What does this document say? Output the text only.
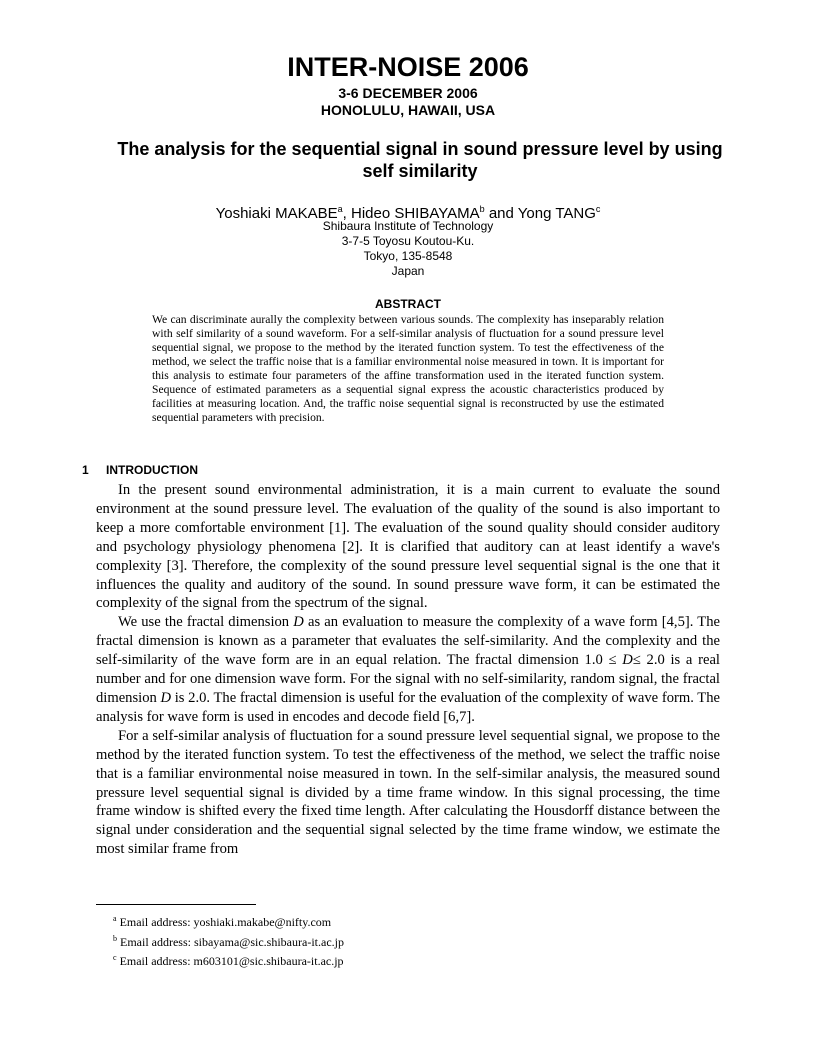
INTER-NOISE 2006
3-6 DECEMBER 2006
HONOLULU, HAWAII, USA
The analysis for the sequential signal in sound pressure level by using self similarity
Yoshiaki MAKABE$^a$, Hideo SHIBAYAMA$^b$ and Yong TANG$^c$
Shibaura Institute of Technology
3-7-5 Toyosu Koutou-Ku.
Tokyo, 135-8548
Japan
ABSTRACT

We can discriminate aurally the complexity between various sounds. The complexity has inseparably relation with self similarity of a sound waveform. For a self-similar analysis of fluctuation for a sound pressure level sequential signal, we propose to the method by the iterated function system. To test the effectiveness of the method, we select the traffic noise that is a familiar environmental noise measured in town. It is important for this analysis to estimate four parameters of the affine transformation used in the iterated function system. Sequence of estimated parameters as a sequential signal express the acoustic characteristics produced by facilities at measuring location. And, the traffic noise sequential signal is reconstructed by use the estimated sequential parameters with precision.

1 INTRODUCTION

In the present sound environmental administration, it is a main current to evaluate the sound environment at the sound pressure level. The evaluation of the quality of the sound is also important to keep a more comfortable environment [1]. The evaluation of the sound quality should consider auditory and psychology physiology phenomena [2]. It is clarified that auditory can at least identify a wave's complexity [3]. Therefore, the complexity of the sound pressure level sequential signal is the one that it influences the quality and auditory of the sound. In sound pressure wave form, it can be estimated the complexity of the signal from the spectrum of the signal.

We use the fractal dimension D as an evaluation to measure the complexity of a wave form [4,5]. The fractal dimension is known as a parameter that evaluates the self-similarity. And the complexity and the self-similarity of the wave form are in an equal relation. The fractal dimension 1.0 ≤ D≤ 2.0 is a real number and for one dimension wave form. For the signal with no self-similarity, random signal, the fractal dimension D is 2.0. The fractal dimension is useful for the evaluation of the complexity of wave form. The analysis for wave form is used in encodes and decode field [6,7].

For a self-similar analysis of fluctuation for a sound pressure level sequential signal, we propose to the method by the iterated function system. To test the effectiveness of the method, we select the traffic noise that is a familiar environmental noise measured in town. In the self-similar analysis, the measured sound pressure level sequential signal is divided by a time frame window. In this signal processing, the time frame window is shifted every the fixed time length. After calculating the Housdorff distance between the signal under consideration and the sequential signal selected by the time frame window, we estimate the most similar frame from

$^a$ Email address: yoshiaki.makabe@nifty.com
$^b$ Email address: sibayama@sic.shibaura-it.ac.jp
$^c$ Email address: m603101@sic.shibaura-it.ac.jp
